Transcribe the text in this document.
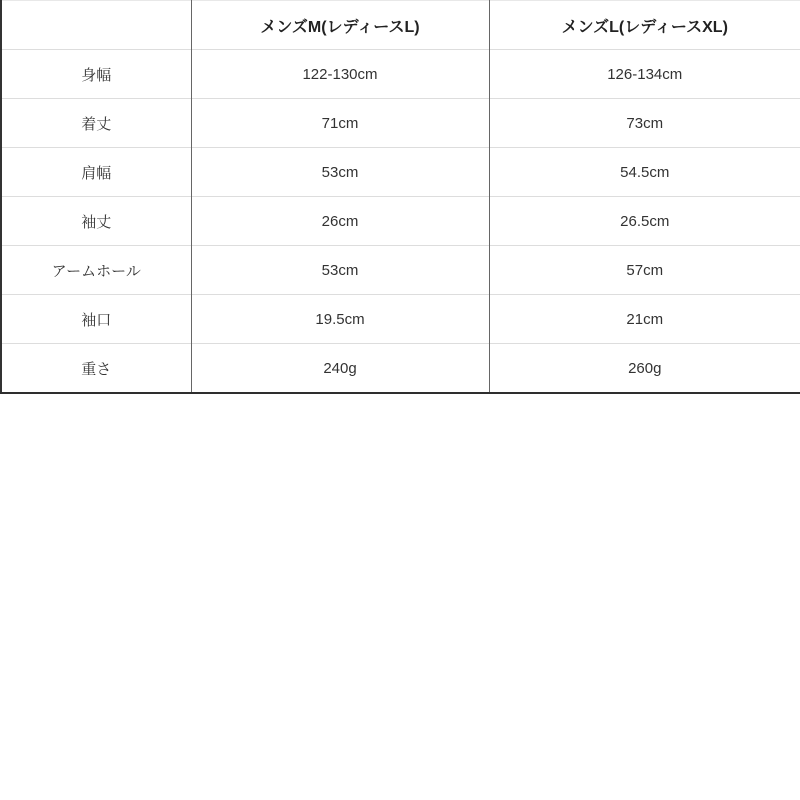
	メンズM(レディースL)	メンズL(レディースXL)
身幅	122-130cm	126-134cm
着丈	71cm	73cm
肩幅	53cm	54.5cm
袖丈	26cm	26.5cm
アームホール	53cm	57cm
袖口	19.5cm	21cm
重さ	240g	260g
